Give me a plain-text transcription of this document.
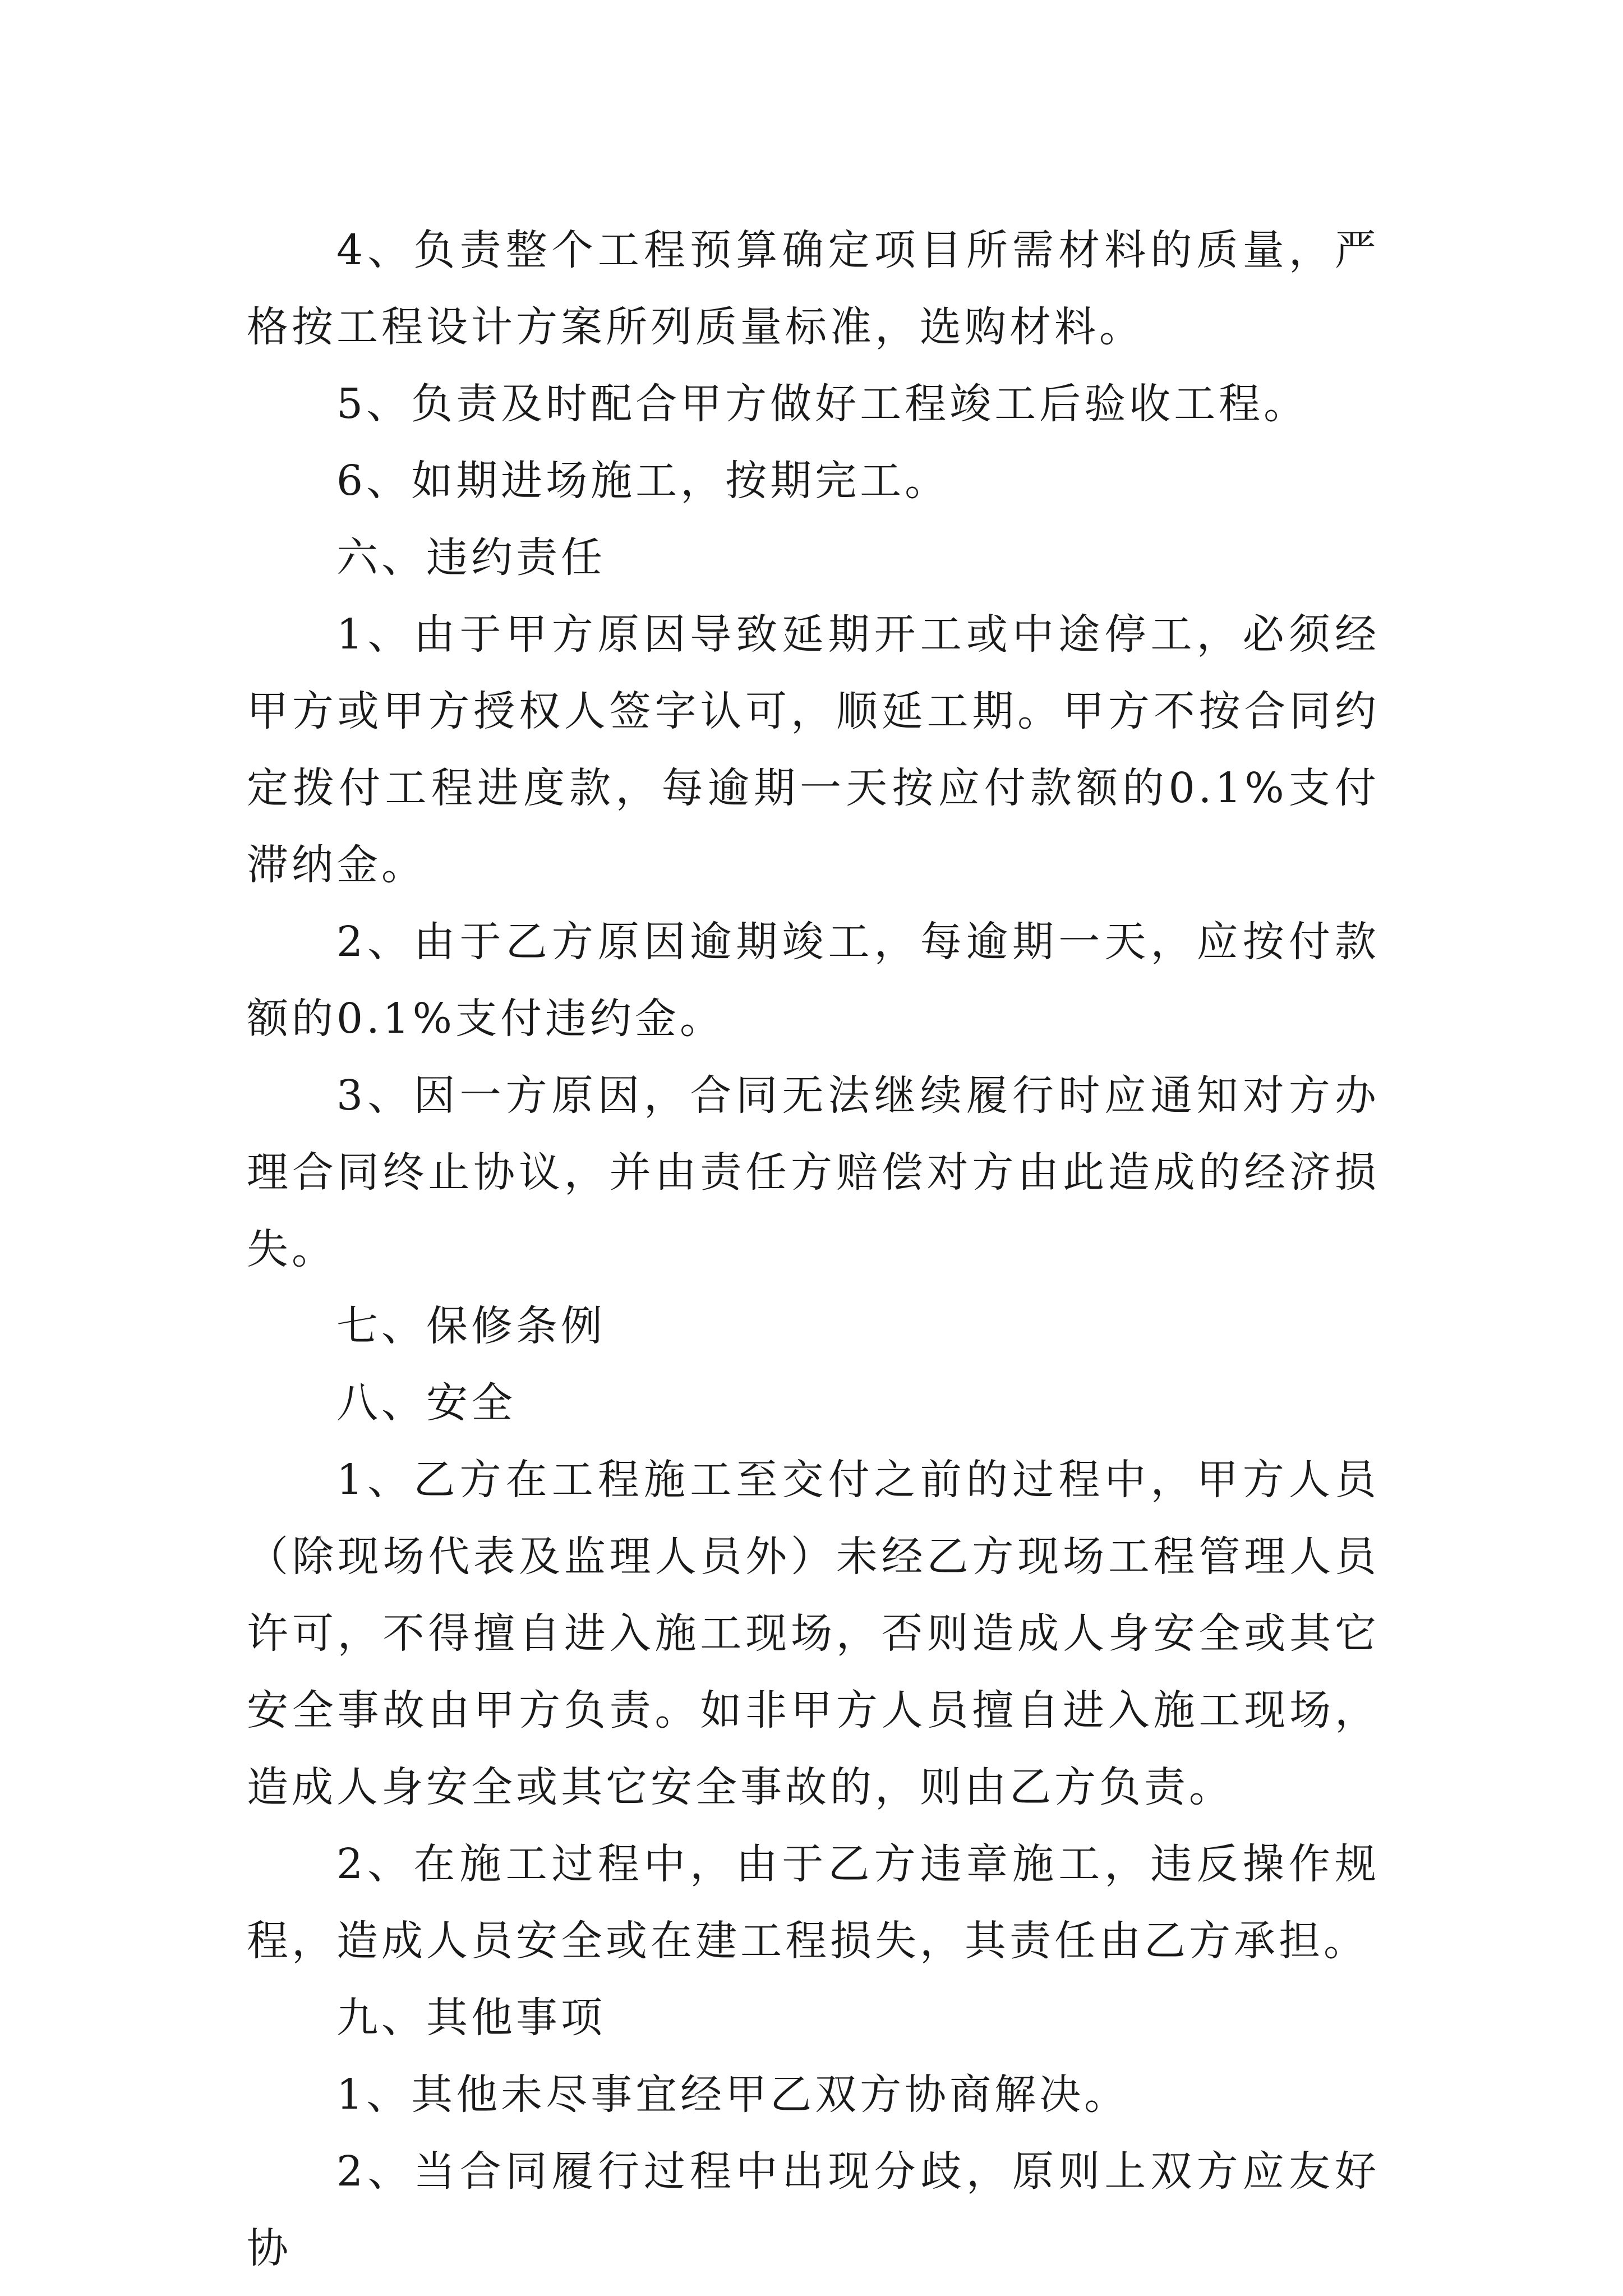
4、负责整个工程预算确定项目所需材料的质量，严格按工程设计方案所列质量标准，选购材料。

5、负责及时配合甲方做好工程竣工后验收工程。

6、如期进场施工，按期完工。

六、违约责任

1、由于甲方原因导致延期开工或中途停工，必须经甲方或甲方授权人签字认可，顺延工期。甲方不按合同约定拨付工程进度款，每逾期一天按应付款额的0.1%支付滞纳金。

2、由于乙方原因逾期竣工，每逾期一天，应按付款额的0.1%支付违约金。

3、因一方原因，合同无法继续履行时应通知对方办理合同终止协议，并由责任方赔偿对方由此造成的经济损失。

七、保修条例

八、安全

1、乙方在工程施工至交付之前的过程中，甲方人员（除现场代表及监理人员外）未经乙方现场工程管理人员许可，不得擅自进入施工现场，否则造成人身安全或其它安全事故由甲方负责。如非甲方人员擅自进入施工现场，造成人身安全或其它安全事故的，则由乙方负责。

2、在施工过程中，由于乙方违章施工，违反操作规程，造成人员安全或在建工程损失，其责任由乙方承担。

九、其他事项

1、其他未尽事宜经甲乙双方协商解决。

2、当合同履行过程中出现分歧，原则上双方应友好协
